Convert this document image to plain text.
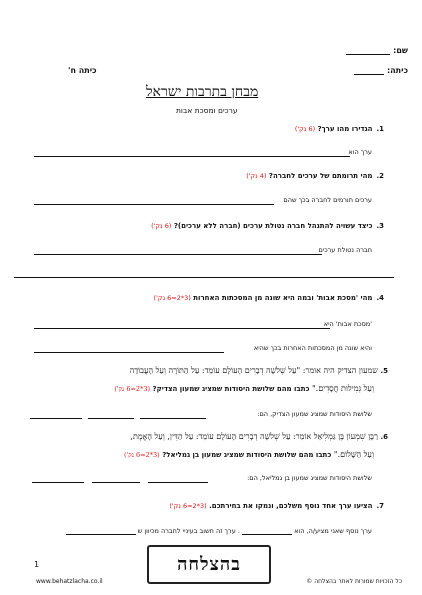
שם:
כיתה:
כיתה ח'
מבחן בתרבות ישראל
ערכים ומסכת אבות
1.הגדירו מהו ערך? (6 נק')
ערך הוא
2.מהי תרומתם של ערכים לחברה? (4 נק')
ערכים תורמים לחברה בכך שהם
3.כיצד עשויה להתנהל חברה נטולת ערכים (חברה ללא ערכים)? (6 נק')
חברה נטולת ערכים
4.מהי 'מסכת אבות' ובמה היא שונה מן המסכתות האחרות (3*2=6 נק')
'מסכת אבות' היא
והיא שונה מן המסכתות האחרות בכך שהיא
5. שמעון הצדיק היה אומר: "עַל שְׁלשָׁה דְבָרִים הָעוֹלָם עוֹמֵד: עַל הַתּוֹרָה וְעַל הָעֲבוֹדָה
וְעַל גְּמִילוּת חֲסָדִים." כתבו מהם שלושת היסודות שמציג שמעון הצדיק? (3*2=6 נק')
שלושת היסודות שמציג שמעון הצדיק, הם:
6. רַבָּן שִׁמְעוֹן בֶּן גַּמְלִיאֵל אוֹמֵר: עַל שְׁלשָׁה דְבָרִים הָעוֹלָם עוֹמֵד: עַל הַדִּין, וְעַל הָאֱמֶת,
וְעַל הַשָּׁלוֹם." כתבו מהם שלושת היסודות שמציג שמעון בן גמליאל? (3*2=6 נק')
שלושת היסודות שמציג שמעון בן גמליאל, הם:
7.הציעו ערך אחד נוסף משלכם, ונמקו את בחירתכם. (3*2=6 נק')
ערך נוסף שאני מציע/ה, הוא  . ערך זה חשוב בעיניי לחברה מכיוון ש
1	בהצלחה
www.behatzlacha.co.il	כל הזכויות שמורות לאתר בהצלחה ©
